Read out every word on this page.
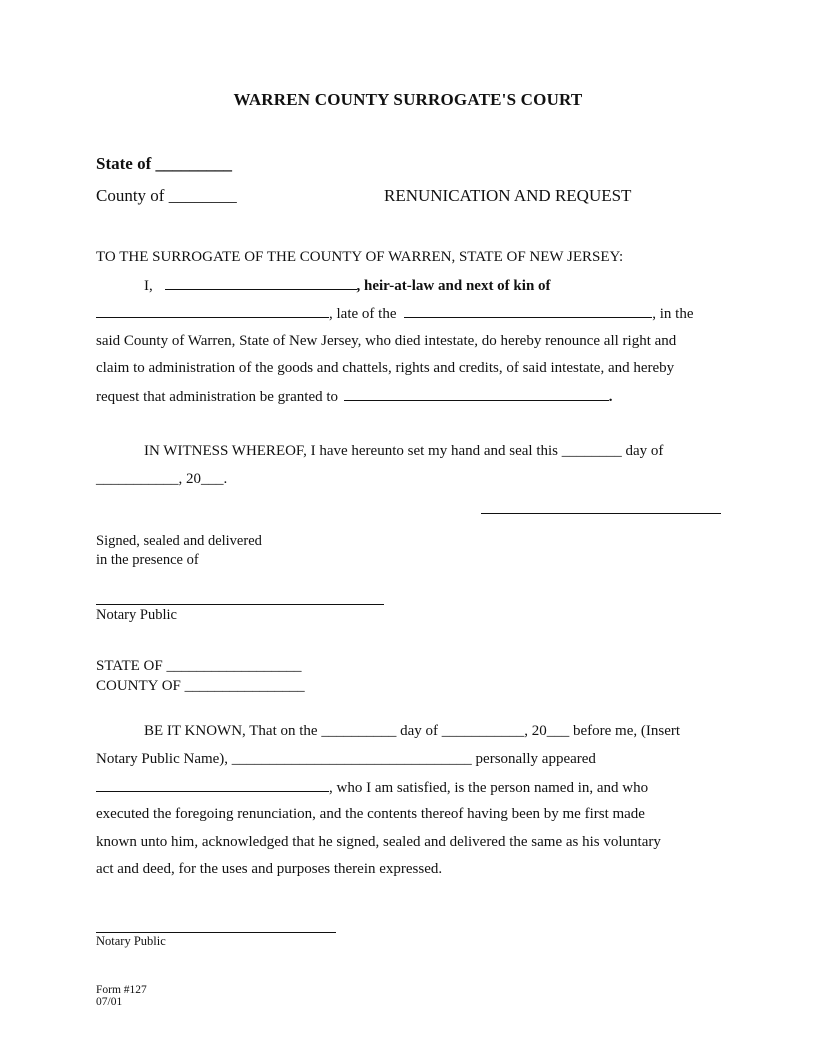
WARREN COUNTY SURROGATE'S COURT
State of _________
County of ________	RENUNICATION AND REQUEST
TO THE SURROGATE OF THE COUNTY OF WARREN, STATE OF NEW JERSEY:
I,	, heir-at-law and next of kin of
, late of the	, in the
said County of Warren, State of New Jersey, who died intestate, do hereby renounce all right and
claim to administration of the goods and chattels, rights and credits, of said intestate, and hereby
request that administration be granted to	.
IN WITNESS WHEREOF, I have hereunto set my hand and seal this ________ day of
___________, 20___.
Signed, sealed and delivered
in the presence of
Notary Public
STATE OF __________________
COUNTY OF ________________
BE IT KNOWN, That on the __________ day of ___________, 20___ before me, (Insert
Notary Public Name), ________________________________ personally appeared
, who I am satisfied, is the person named in, and who
executed the foregoing renunciation, and the contents thereof having been by me first made
known unto him, acknowledged that he signed, sealed and delivered the same as his voluntary
act and deed, for the uses and purposes therein expressed.
Notary Public
Form #127
07/01
